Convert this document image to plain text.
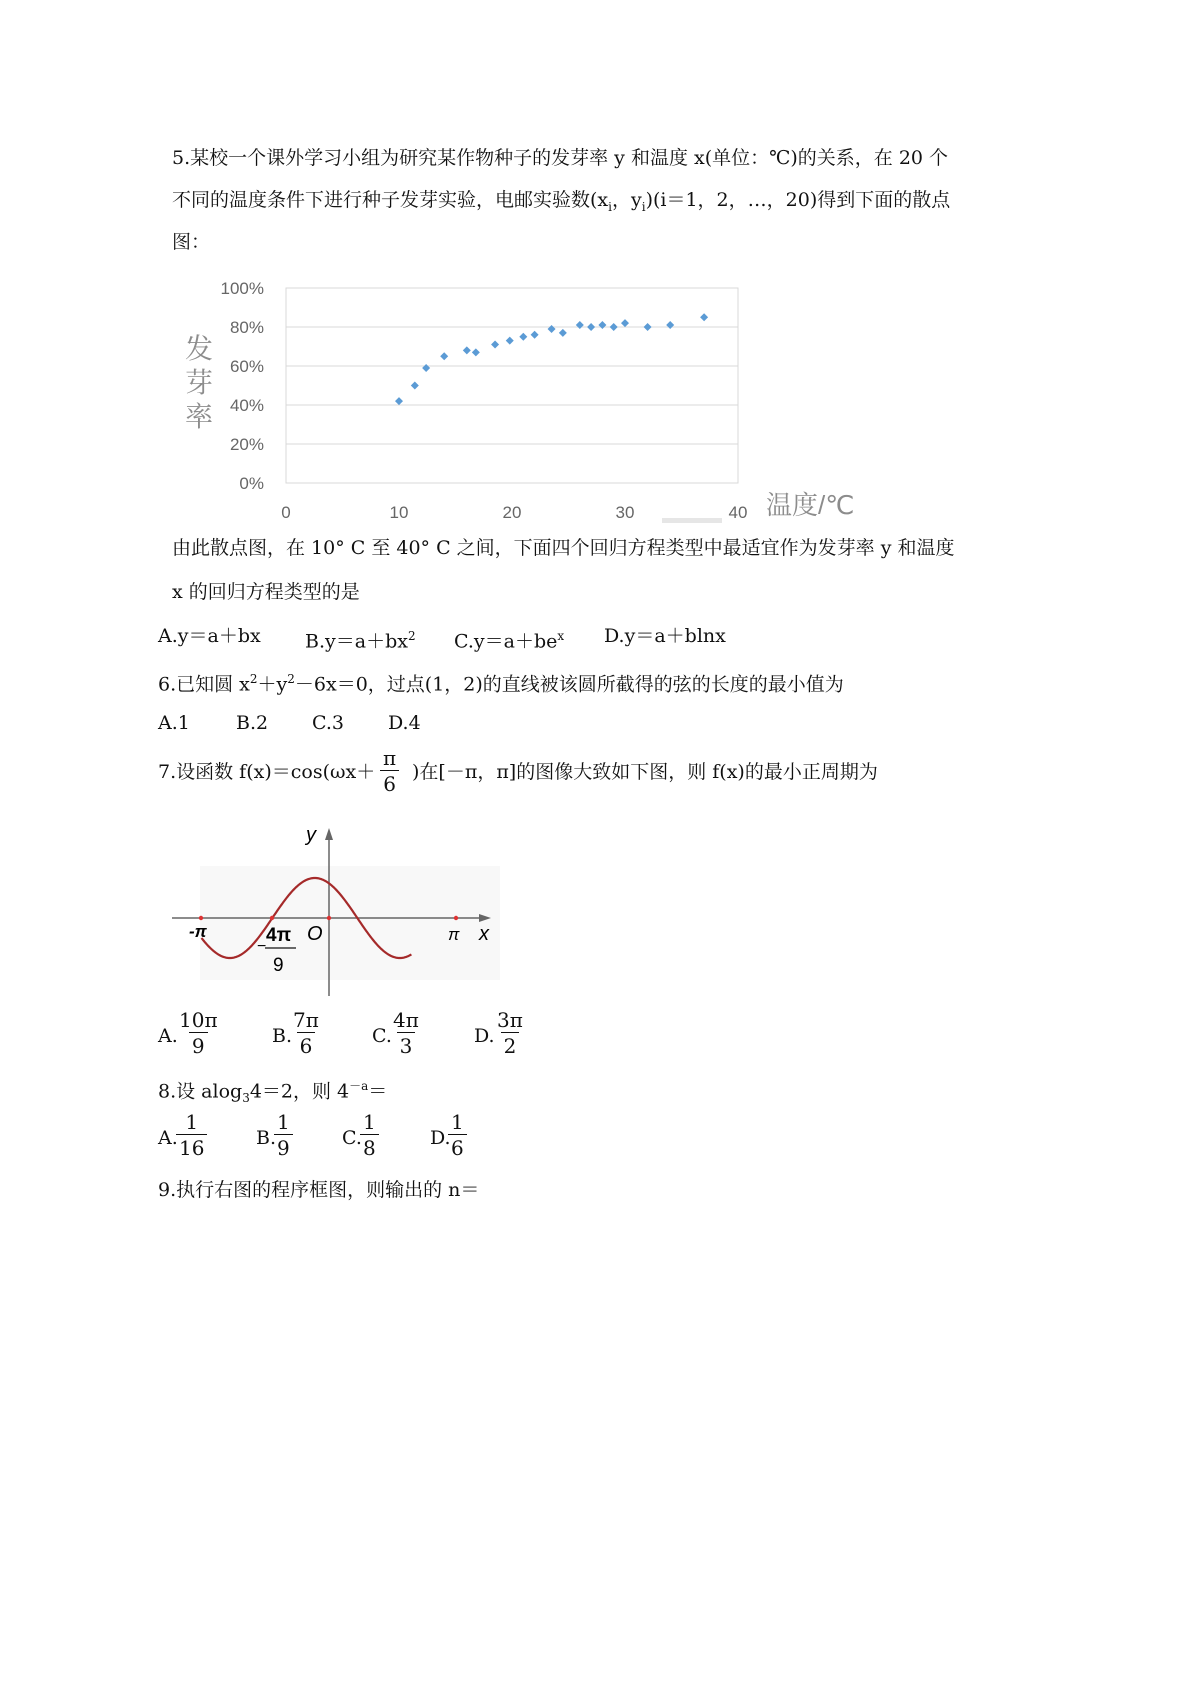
5.某校一个课外学习小组为研究某作物种子的发芽率 y 和温度 x(单位：℃)的关系，在 20 个
不同的温度条件下进行种子发芽实验，电邮实验数($x_i$，$y_i)(i=1$，2，…，20)得到下面的散点
图：
0%
20%
40%
60%
80%
100%
0	10	20	30	40
发芽率
温度/℃
由此散点图，在 10° C 至 40° C 之间，下面四个回归方程类型中最适宜作为发芽率 y 和温度
x 的回归方程类型的是
A.y＝a＋bx $B.y=a+bx^2$ $C.y=a+be^x$ D.y＝a＋blnx
6.已知圆 $x^2+y^2-6x=0$，过点(1，2)的直线被该圆所截得的弦的长度的最小值为
A.1 B.2 C.3 D.4
7.设函数 $f(x)=\cos(\omega x+ \frac{\pi}{6}$ )在[－π，π]的图像大致如下图，则 f(x)的最小正周期为
y
x
O
-π	π
4π
−
9
A.
$\frac{10\pi}{9}$	B.
$\frac{7\pi}{6}$	C.
$\frac{4\pi}{3}$	D. $\frac{3\pi}{2}$
8.设 alog$_3$4＝2，则 $4^{-a}=$
A.
$\frac{1}{16}$	B.
$\frac{1}{9}$	C.
$\frac{1}{8}$	D.
$\frac{1}{6}$
9.执行右图的程序框图，则输出的 n＝
